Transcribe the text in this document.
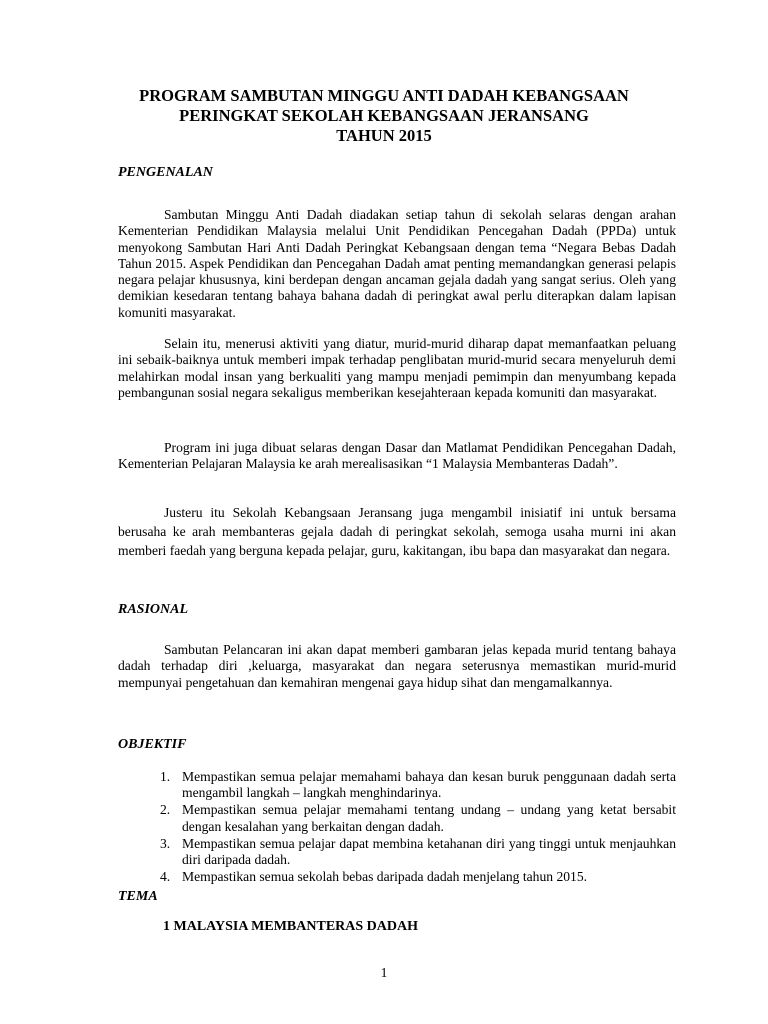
PROGRAM SAMBUTAN MINGGU ANTI DADAH KEBANGSAAN
PERINGKAT SEKOLAH KEBANGSAAN JERANSANG
TAHUN 2015
PENGENALAN

Sambutan Minggu Anti Dadah diadakan setiap tahun di sekolah selaras dengan arahan Kementerian Pendidikan Malaysia melalui Unit Pendidikan Pencegahan Dadah (PPDa) untuk menyokong Sambutan Hari Anti Dadah Peringkat Kebangsaan dengan tema “Negara Bebas Dadah Tahun 2015. Aspek Pendidikan dan Pencegahan Dadah amat penting memandangkan generasi pelapis negara pelajar khususnya, kini berdepan dengan ancaman gejala dadah yang sangat serius. Oleh yang demikian kesedaran tentang bahaya bahana dadah di peringkat awal perlu diterapkan dalam lapisan komuniti masyarakat.

Selain itu, menerusi aktiviti yang diatur, murid-murid diharap dapat memanfaatkan peluang ini sebaik-baiknya untuk memberi impak terhadap penglibatan murid-murid secara menyeluruh demi melahirkan modal insan yang berkualiti yang mampu menjadi pemimpin dan menyumbang kepada pembangunan sosial negara sekaligus memberikan kesejahteraan kepada komuniti dan masyarakat.

Program ini juga dibuat selaras dengan Dasar dan Matlamat Pendidikan Pencegahan Dadah, Kementerian Pelajaran Malaysia ke arah merealisasikan “1 Malaysia Membanteras Dadah”.

Justeru itu Sekolah Kebangsaan Jeransang juga mengambil inisiatif ini untuk bersama berusaha ke arah membanteras gejala dadah di peringkat sekolah, semoga usaha murni ini akan memberi faedah yang berguna kepada pelajar, guru, kakitangan, ibu bapa dan masyarakat dan negara.

RASIONAL

Sambutan Pelancaran ini akan dapat memberi gambaran jelas kepada murid tentang bahaya dadah terhadap diri ,keluarga, masyarakat dan negara seterusnya memastikan murid-murid mempunyai pengetahuan dan kemahiran mengenai gaya hidup sihat dan mengamalkannya.

OBJEKTIF
1. Mempastikan semua pelajar memahami bahaya dan kesan buruk penggunaan dadah serta mengambil langkah – langkah menghindarinya.
2. Mempastikan semua pelajar memahami tentang undang – undang yang ketat bersabit dengan kesalahan yang berkaitan dengan dadah.
3. Mempastikan semua pelajar dapat membina ketahanan diri yang tinggi untuk menjauhkan diri daripada dadah.
4. Mempastikan semua sekolah bebas daripada dadah menjelang tahun 2015.
TEMA
1 MALAYSIA MEMBANTERAS DADAH
1
